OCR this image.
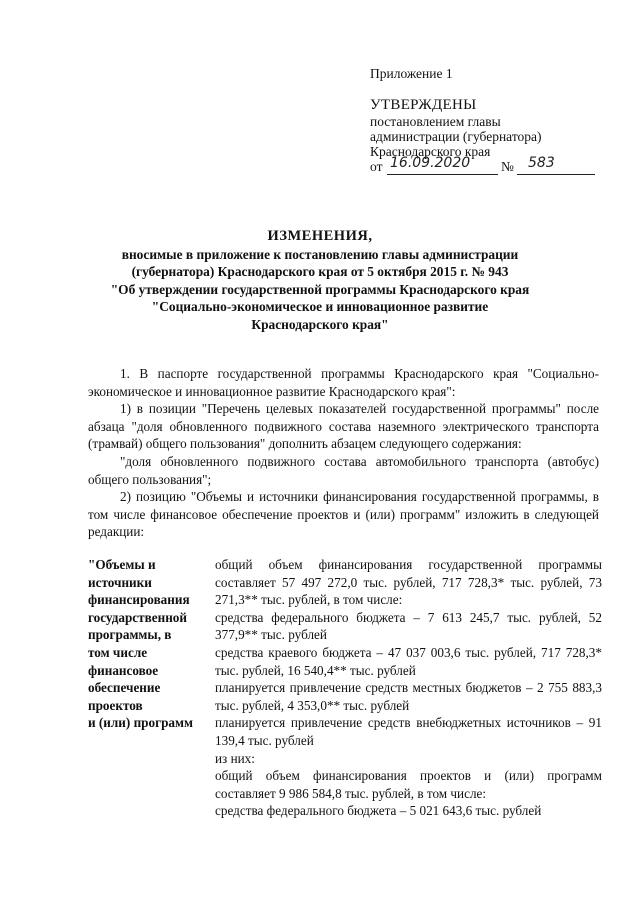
Приложение 1
УТВЕРЖДЕНЫ
постановлением главы
администрации (губернатора)
Краснодарского края
от 16.09.2020 № 583
ИЗМЕНЕНИЯ,
вносимые в приложение к постановлению главы администрации
(губернатора) Краснодарского края от 5 октября 2015 г. № 943
"Об утверждении государственной программы Краснодарского края
"Социально-экономическое и инновационное развитие
Краснодарского края"

1. В паспорте государственной программы Краснодарского края "Социально-экономическое и инновационное развитие Краснодарского края":

1) в позиции "Перечень целевых показателей государственной программы" после абзаца "доля обновленного подвижного состава наземного электрического транспорта (трамвай) общего пользования" дополнить абзацем следующего содержания:

"доля обновленного подвижного состава автомобильного транспорта (автобус) общего пользования";

2) позицию "Объемы и источники финансирования государственной программы, в том числе финансовое обеспечение проектов и (или) программ" изложить в следующей редакции:

"Объемы и
источники
финансирования
государственной
программы, в
том числе
финансовое
обеспечение
проектов
и (или) программ

общий объем финансирования государственной программы составляет 57 497 272,0 тыс. рублей, 717 728,3* тыс. рублей, 73 271,3** тыс. рублей, в том числе:

средства федерального бюджета – 7 613 245,7 тыс. рублей, 52 377,9** тыс. рублей

средства краевого бюджета – 47 037 003,6 тыс. рублей, 717 728,3* тыс. рублей, 16 540,4** тыс. рублей

планируется привлечение средств местных бюджетов – 2 755 883,3 тыс. рублей, 4 353,0** тыс. рублей

планируется привлечение средств внебюджетных источников – 91 139,4 тыс. рублей

из них:

общий объем финансирования проектов и (или) программ составляет 9 986 584,8 тыс. рублей, в том числе:

средства федерального бюджета – 5 021 643,6 тыс. рублей
